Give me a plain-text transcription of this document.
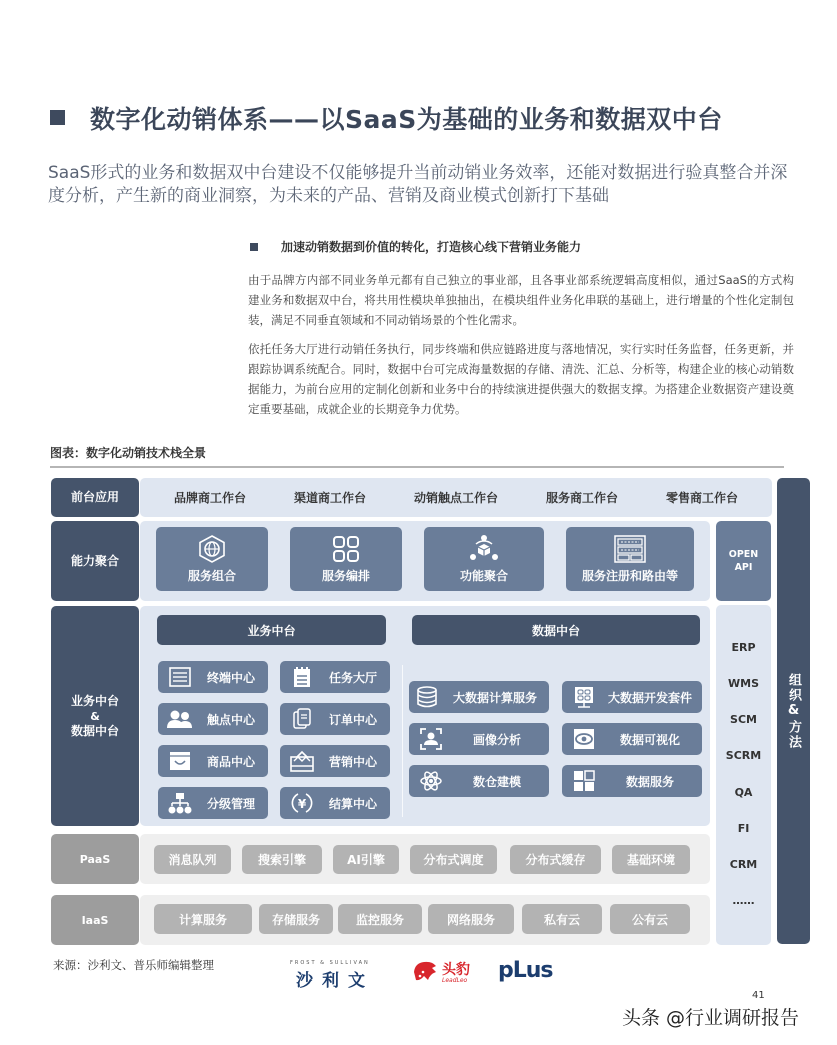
数字化动销体系——以SaaS为基础的业务和数据双中台
SaaS形式的业务和数据双中台建设不仅能够提升当前动销业务效率，还能对数据进行验真整合并深度分析，产生新的商业洞察，为未来的产品、营销及商业模式创新打下基础
加速动销数据到价值的转化，打造核心线下营销业务能力
由于品牌方内部不同业务单元都有自己独立的事业部，且各事业部系统逻辑高度相似，通过SaaS的方式构建业务和数据双中台，将共用性模块单独抽出，在模块组件业务化串联的基础上，进行增量的个性化定制包装，满足不同垂直领域和不同动销场景的个性化需求。
依托任务大厅进行动销任务执行，同步终端和供应链路进度与落地情况，实行实时任务监督，任务更新，并跟踪协调系统配合。同时，数据中台可完成海量数据的存储、清洗、汇总、分析等，构建企业的核心动销数据能力，为前台应用的定制化创新和业务中台的持续演进提供强大的数据支撑。为搭建企业数据资产建设奠定重要基础，成就企业的长期竞争力优势。
图表：数字化动销技术栈全景
前台应用	品牌商工作台	渠道商工作台	动销触点工作台	服务商工作台	零售商工作台
能力聚合
服务组合	服务编排	功能聚合	服务注册和路由等
OPEN
API
业务中台
&
数据中台
业务中台
终端中心	任务大厅
触点中心	订单中心
商品中心	营销中心
分级管理	¥	结算中心
数据中台
大数据计算服务	大数据开发套件
画像分析	数据可视化
数仓建模	数据服务
ERP
WMS
SCM
SCRM
QA
FI
CRM
……
组织&方法
PaaS	消息队列	搜索引擎	AI引擎	分布式调度	分布式缓存	基础环境
IaaS	计算服务	存储服务	监控服务	网络服务	私有云	公有云
来源：沙利文、普乐师编辑整理	FROST & SULLIVAN
沙利文
头豹
LeadLeo pLus
41
头条 @行业调研报告
